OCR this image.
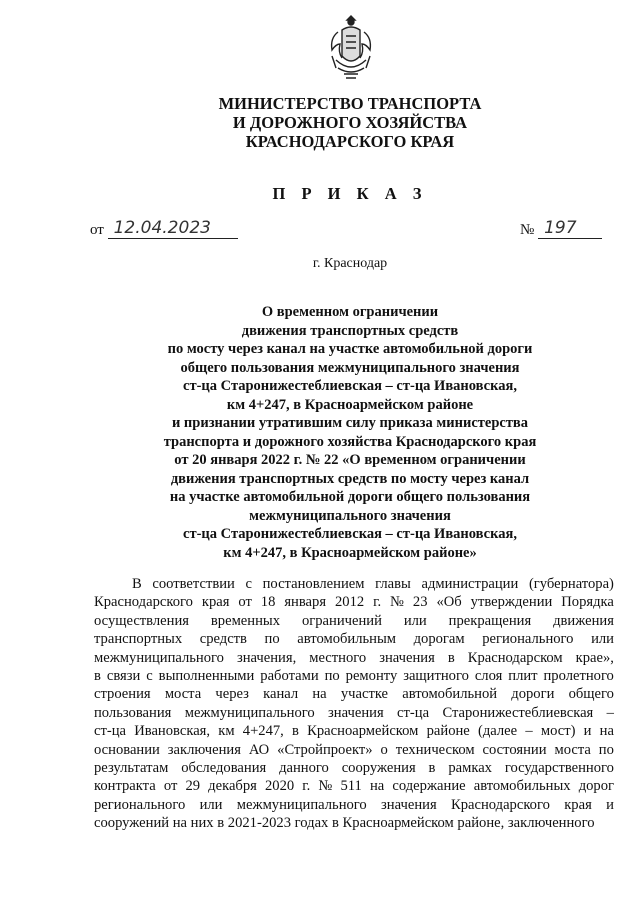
МИНИСТЕРСТВО ТРАНСПОРТА
И ДОРОЖНОГО ХОЗЯЙСТВА
КРАСНОДАРСКОГО КРАЯ
П Р И К А З
от 12.04.2023	№ 197
г. Краснодар
О временном ограничении
движения транспортных средств
по мосту через канал на участке автомобильной дороги
общего пользования межмуниципального значения
ст-ца Старонижестеблиевская – ст-ца Ивановская,
км 4+247, в Красноармейском районе
и признании утратившим силу приказа министерства
транспорта и дорожного хозяйства Краснодарского края
от 20 января 2022 г. № 22 «О временном ограничении
движения транспортных средств по мосту через канал
на участке автомобильной дороги общего пользования
межмуниципального значения
ст-ца Старонижестеблиевская – ст-ца Ивановская,
км 4+247, в Красноармейском районе»
В соответствии с постановлением главы администрации (губернатора)
Краснодарского края от 18 января 2012 г. № 23 «Об утверждении Порядка
осуществления временных ограничений или прекращения движения
транспортных средств по автомобильным дорогам регионального или
межмуниципального значения, местного значения в Краснодарском крае»,
в связи с выполненными работами по ремонту защитного слоя плит пролетного
строения моста через канал на участке автомобильной дороги общего
пользования межмуниципального значения ст-ца Старонижестеблиевская –
ст-ца Ивановская, км 4+247, в Красноармейском районе (далее – мост) и на
основании заключения АО «Стройпроект» о техническом состоянии моста по
результатам обследования данного сооружения в рамках государственного
контракта от 29 декабря 2020 г. № 511 на содержание автомобильных дорог
регионального или межмуниципального значения Краснодарского края и
сооружений на них в 2021-2023 годах в Красноармейском районе, заключенного
